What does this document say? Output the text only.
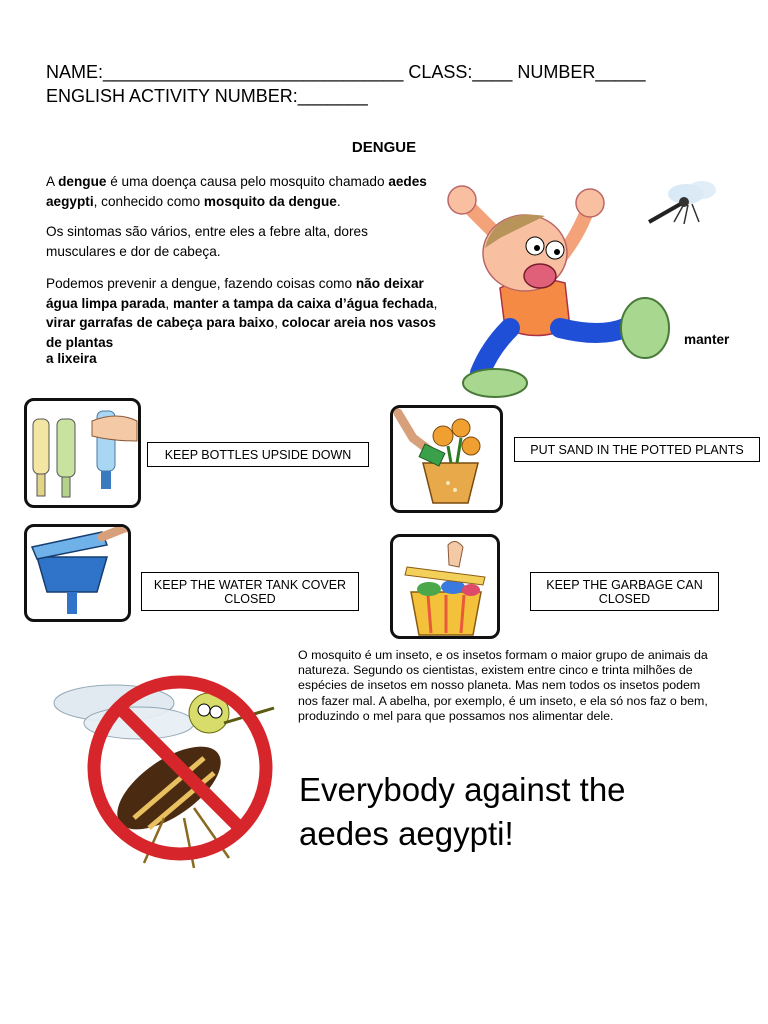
NAME:______________________________ CLASS:____ NUMBER_____
ENGLISH ACTIVITY NUMBER:_______
DENGUE
A dengue é uma doença causa pelo mosquito chamado aedes aegypti, conhecido como mosquito da dengue.
Os sintomas são vários, entre eles a febre alta, dores musculares e dor de cabeça.
Podemos prevenir a dengue, fazendo coisas como não deixar água limpa parada, manter a tampa da caixa d’água fechada, virar garrafas de cabeça para baixo, colocar areia nos vasos de plantas	manter
a lixeira
KEEP BOTTLES UPSIDE DOWN	PUT SAND IN THE POTTED PLANTS
KEEP THE WATER TANK COVER CLOSED
KEEP THE GARBAGE CAN CLOSED
O mosquito é um inseto, e os insetos formam o maior grupo de animais da natureza. Segundo os cientistas, existem entre cinco e trinta milhões de espécies de insetos em nosso planeta. Mas nem todos os insetos podem nos fazer mal. A abelha, por exemplo, é um inseto, e ela só nos faz o bem, produzindo o mel para que possamos nos alimentar dele.
Everybody against the aedes aegypti!
